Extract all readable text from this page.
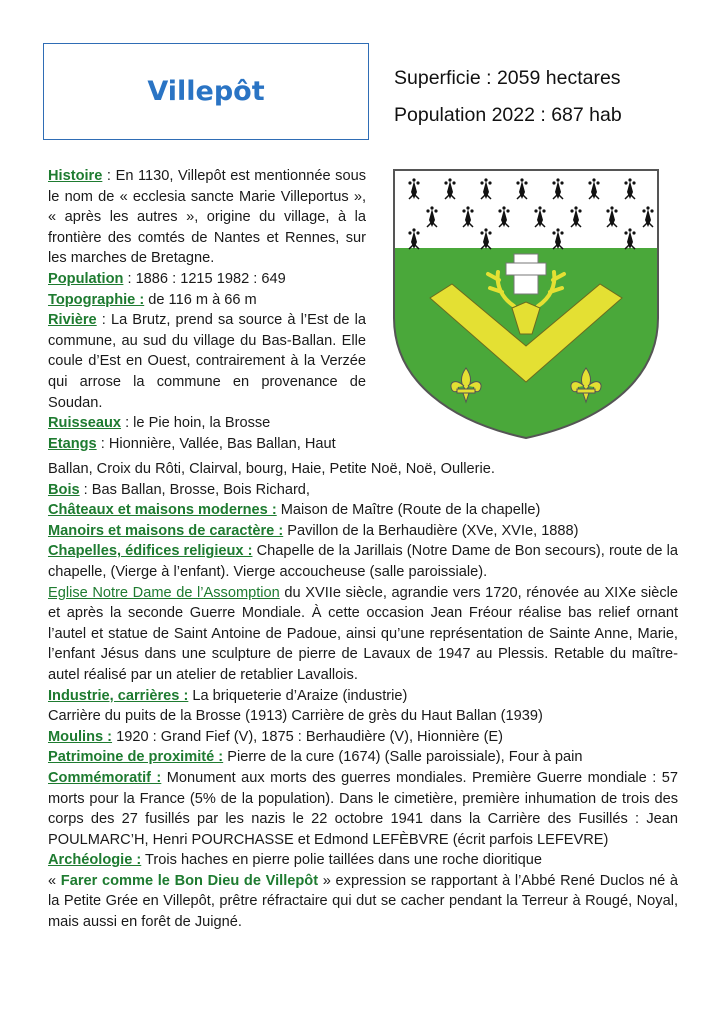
Villepôt	Superficie : 2059 hectares
Population 2022 : 687 hab

Histoire : En 1130, Villepôt est mentionnée sous le nom de « ecclesia sancte Marie Villeportus », « après les autres », origine du village, à la frontière des comtés de Nantes et Rennes, sur les marches de Bretagne.

Population : 1886 : 1215 1982 : 649

Topographie : de 116 m à 66 m

Rivière : La Brutz, prend sa source à l’Est de la commune, au sud du village du Bas-Ballan. Elle coule d’Est en Ouest, contrairement à la Verzée qui arrose la commune en provenance de Soudan.

Ruisseaux : le Pie hoin, la Brosse

Etangs : Hionnière, Vallée, Bas Ballan, Haut

Ballan, Croix du Rôti, Clairval, bourg, Haie, Petite Noë, Noë, Oullerie.

Bois : Bas Ballan, Brosse, Bois Richard,

Châteaux et maisons modernes : Maison de Maître (Route de la chapelle)

Manoirs et maisons de caractère : Pavillon de la Berhaudière (XVe, XVIe, 1888)

Chapelles, édifices religieux : Chapelle de la Jarillais (Notre Dame de Bon secours), route de la chapelle, (Vierge à l’enfant). Vierge accoucheuse (salle paroissiale).

Eglise Notre Dame de l’Assomption du XVIIe siècle, agrandie vers 1720, rénovée au XIXe siècle et après la seconde Guerre Mondiale. À cette occasion Jean Fréour réalise bas relief ornant l’autel et statue de Saint Antoine de Padoue, ainsi qu’une représentation de Sainte Anne, Marie, l’enfant Jésus dans une sculpture de pierre de Lavaux de 1947 au Plessis. Retable du maître-autel réalisé par un atelier de retablier Lavallois.

Industrie, carrières : La briqueterie d’Araize (industrie)

Carrière du puits de la Brosse (1913) Carrière de grès du Haut Ballan (1939)

Moulins : 1920 : Grand Fief (V), 1875 : Berhaudière (V), Hionnière (E)

Patrimoine de proximité : Pierre de la cure (1674) (Salle paroissiale), Four à pain

Commémoratif : Monument aux morts des guerres mondiales. Première Guerre mondiale : 57 morts pour la France (5% de la population). Dans le cimetière, première inhumation de trois des corps des 27 fusillés par les nazis le 22 octobre 1941 dans la Carrière des Fusillés : Jean POULMARC’H, Henri POURCHASSE et Edmond LEFÈBVRE (écrit parfois LEFEVRE)

Archéologie : Trois haches en pierre polie taillées dans une roche dioritique

« Farer comme le Bon Dieu de Villepôt » expression se rapportant à l’Abbé René Duclos né à la Petite Grée en Villepôt, prêtre réfractaire qui dut se cacher pendant la Terreur à Rougé, Noyal, mais aussi en forêt de Juigné.
